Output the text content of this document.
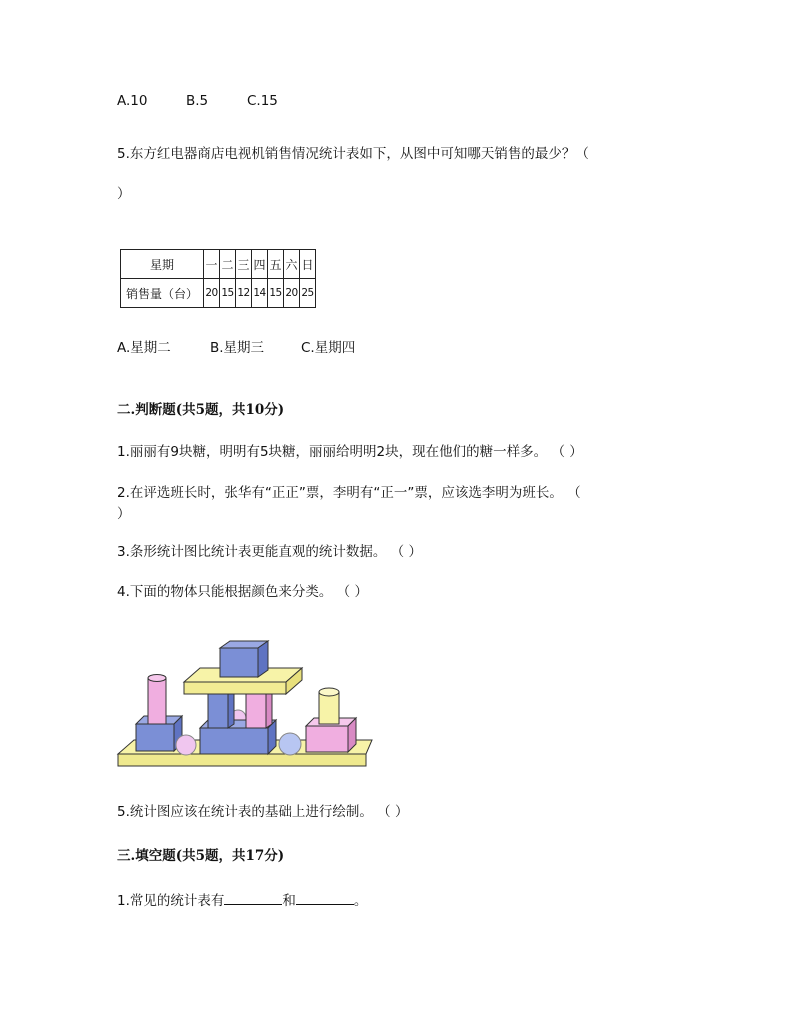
A.10	B.5	C.15
5.东方红电器商店电视机销售情况统计表如下，从图中可知哪天销售的最少？（
）
星期	一	二	三	四	五	六	日
销售量（台）	20	15	12	14	15	20	25
A.星期二	B.星期三	C.星期四
二.判断题(共5题，共10分)
1.丽丽有9块糖，明明有5块糖，丽丽给明明2块，现在他们的糖一样多。 （ ）
2.在评选班长时，张华有“正正”票，李明有“正一”票，应该选李明为班长。 （
）
3.条形统计图比统计表更能直观的统计数据。 （ ）
4.下面的物体只能根据颜色来分类。 （ ）
5.统计图应该在统计表的基础上进行绘制。 （ ）
三.填空题(共5题，共17分)
1.常见的统计表有	和	。
